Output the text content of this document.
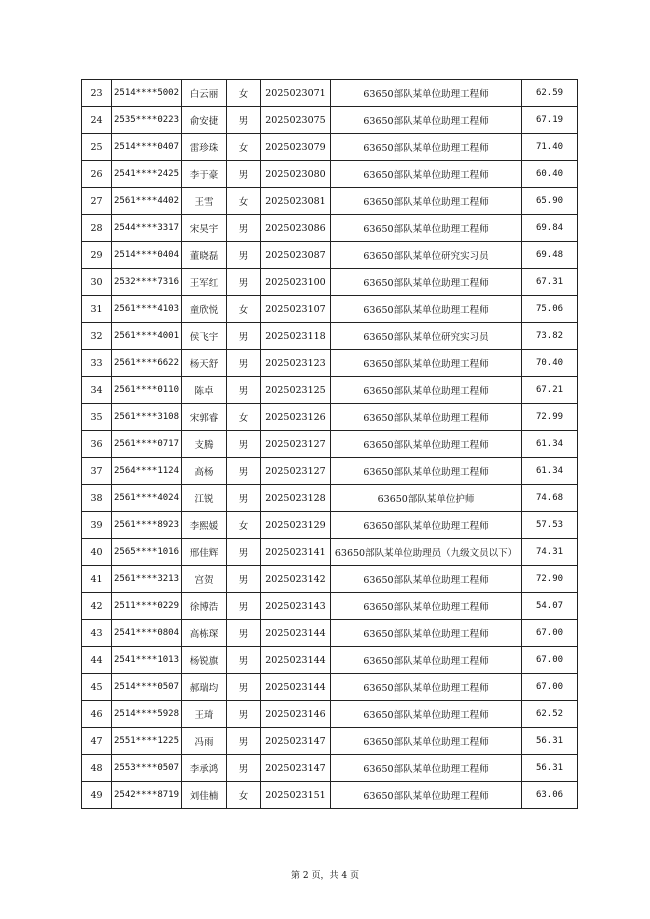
23	2514****5002	白云丽	女	2025023071	63650部队某单位助理工程师	62.59
24	2535****0223	俞安捷	男	2025023075	63650部队某单位助理工程师	67.19
25	2514****0407	雷珍珠	女	2025023079	63650部队某单位助理工程师	71.40
26	2541****2425	李于豪	男	2025023080	63650部队某单位助理工程师	60.40
27	2561****4402	王雪	女	2025023081	63650部队某单位助理工程师	65.90
28	2544****3317	宋昊宇	男	2025023086	63650部队某单位助理工程师	69.84
29	2514****0404	董晓磊	男	2025023087	63650部队某单位研究实习员	69.48
30	2532****7316	王军红	男	2025023100	63650部队某单位助理工程师	67.31
31	2561****4103	童欣悦	女	2025023107	63650部队某单位助理工程师	75.06
32	2561****4001	侯飞宇	男	2025023118	63650部队某单位研究实习员	73.82
33	2561****6622	杨天舒	男	2025023123	63650部队某单位助理工程师	70.40
34	2561****0110	陈卓	男	2025023125	63650部队某单位助理工程师	67.21
35	2561****3108	宋郭睿	女	2025023126	63650部队某单位助理工程师	72.99
36	2561****0717	支腾	男	2025023127	63650部队某单位助理工程师	61.34
37	2564****1124	高杨	男	2025023127	63650部队某单位助理工程师	61.34
38	2561****4024	江锐	男	2025023128	63650部队某单位护师	74.68
39	2561****8923	李熙媛	女	2025023129	63650部队某单位助理工程师	57.53
40	2565****1016	邢佳辉	男	2025023141	63650部队某单位助理员（九级文员以下）	74.31
41	2561****3213	宫贺	男	2025023142	63650部队某单位助理工程师	72.90
42	2511****0229	徐博浩	男	2025023143	63650部队某单位助理工程师	54.07
43	2541****0804	高栋琛	男	2025023144	63650部队某单位助理工程师	67.00
44	2541****1013	杨锐旗	男	2025023144	63650部队某单位助理工程师	67.00
45	2514****0507	郝瑞均	男	2025023144	63650部队某单位助理工程师	67.00
46	2514****5928	王琦	男	2025023146	63650部队某单位助理工程师	62.52
47	2551****1225	冯雨	男	2025023147	63650部队某单位助理工程师	56.31
48	2553****0507	李承鸿	男	2025023147	63650部队某单位助理工程师	56.31
49	2542****8719	刘佳楠	女	2025023151	63650部队某单位助理工程师	63.06
第 2 页，共 4 页
